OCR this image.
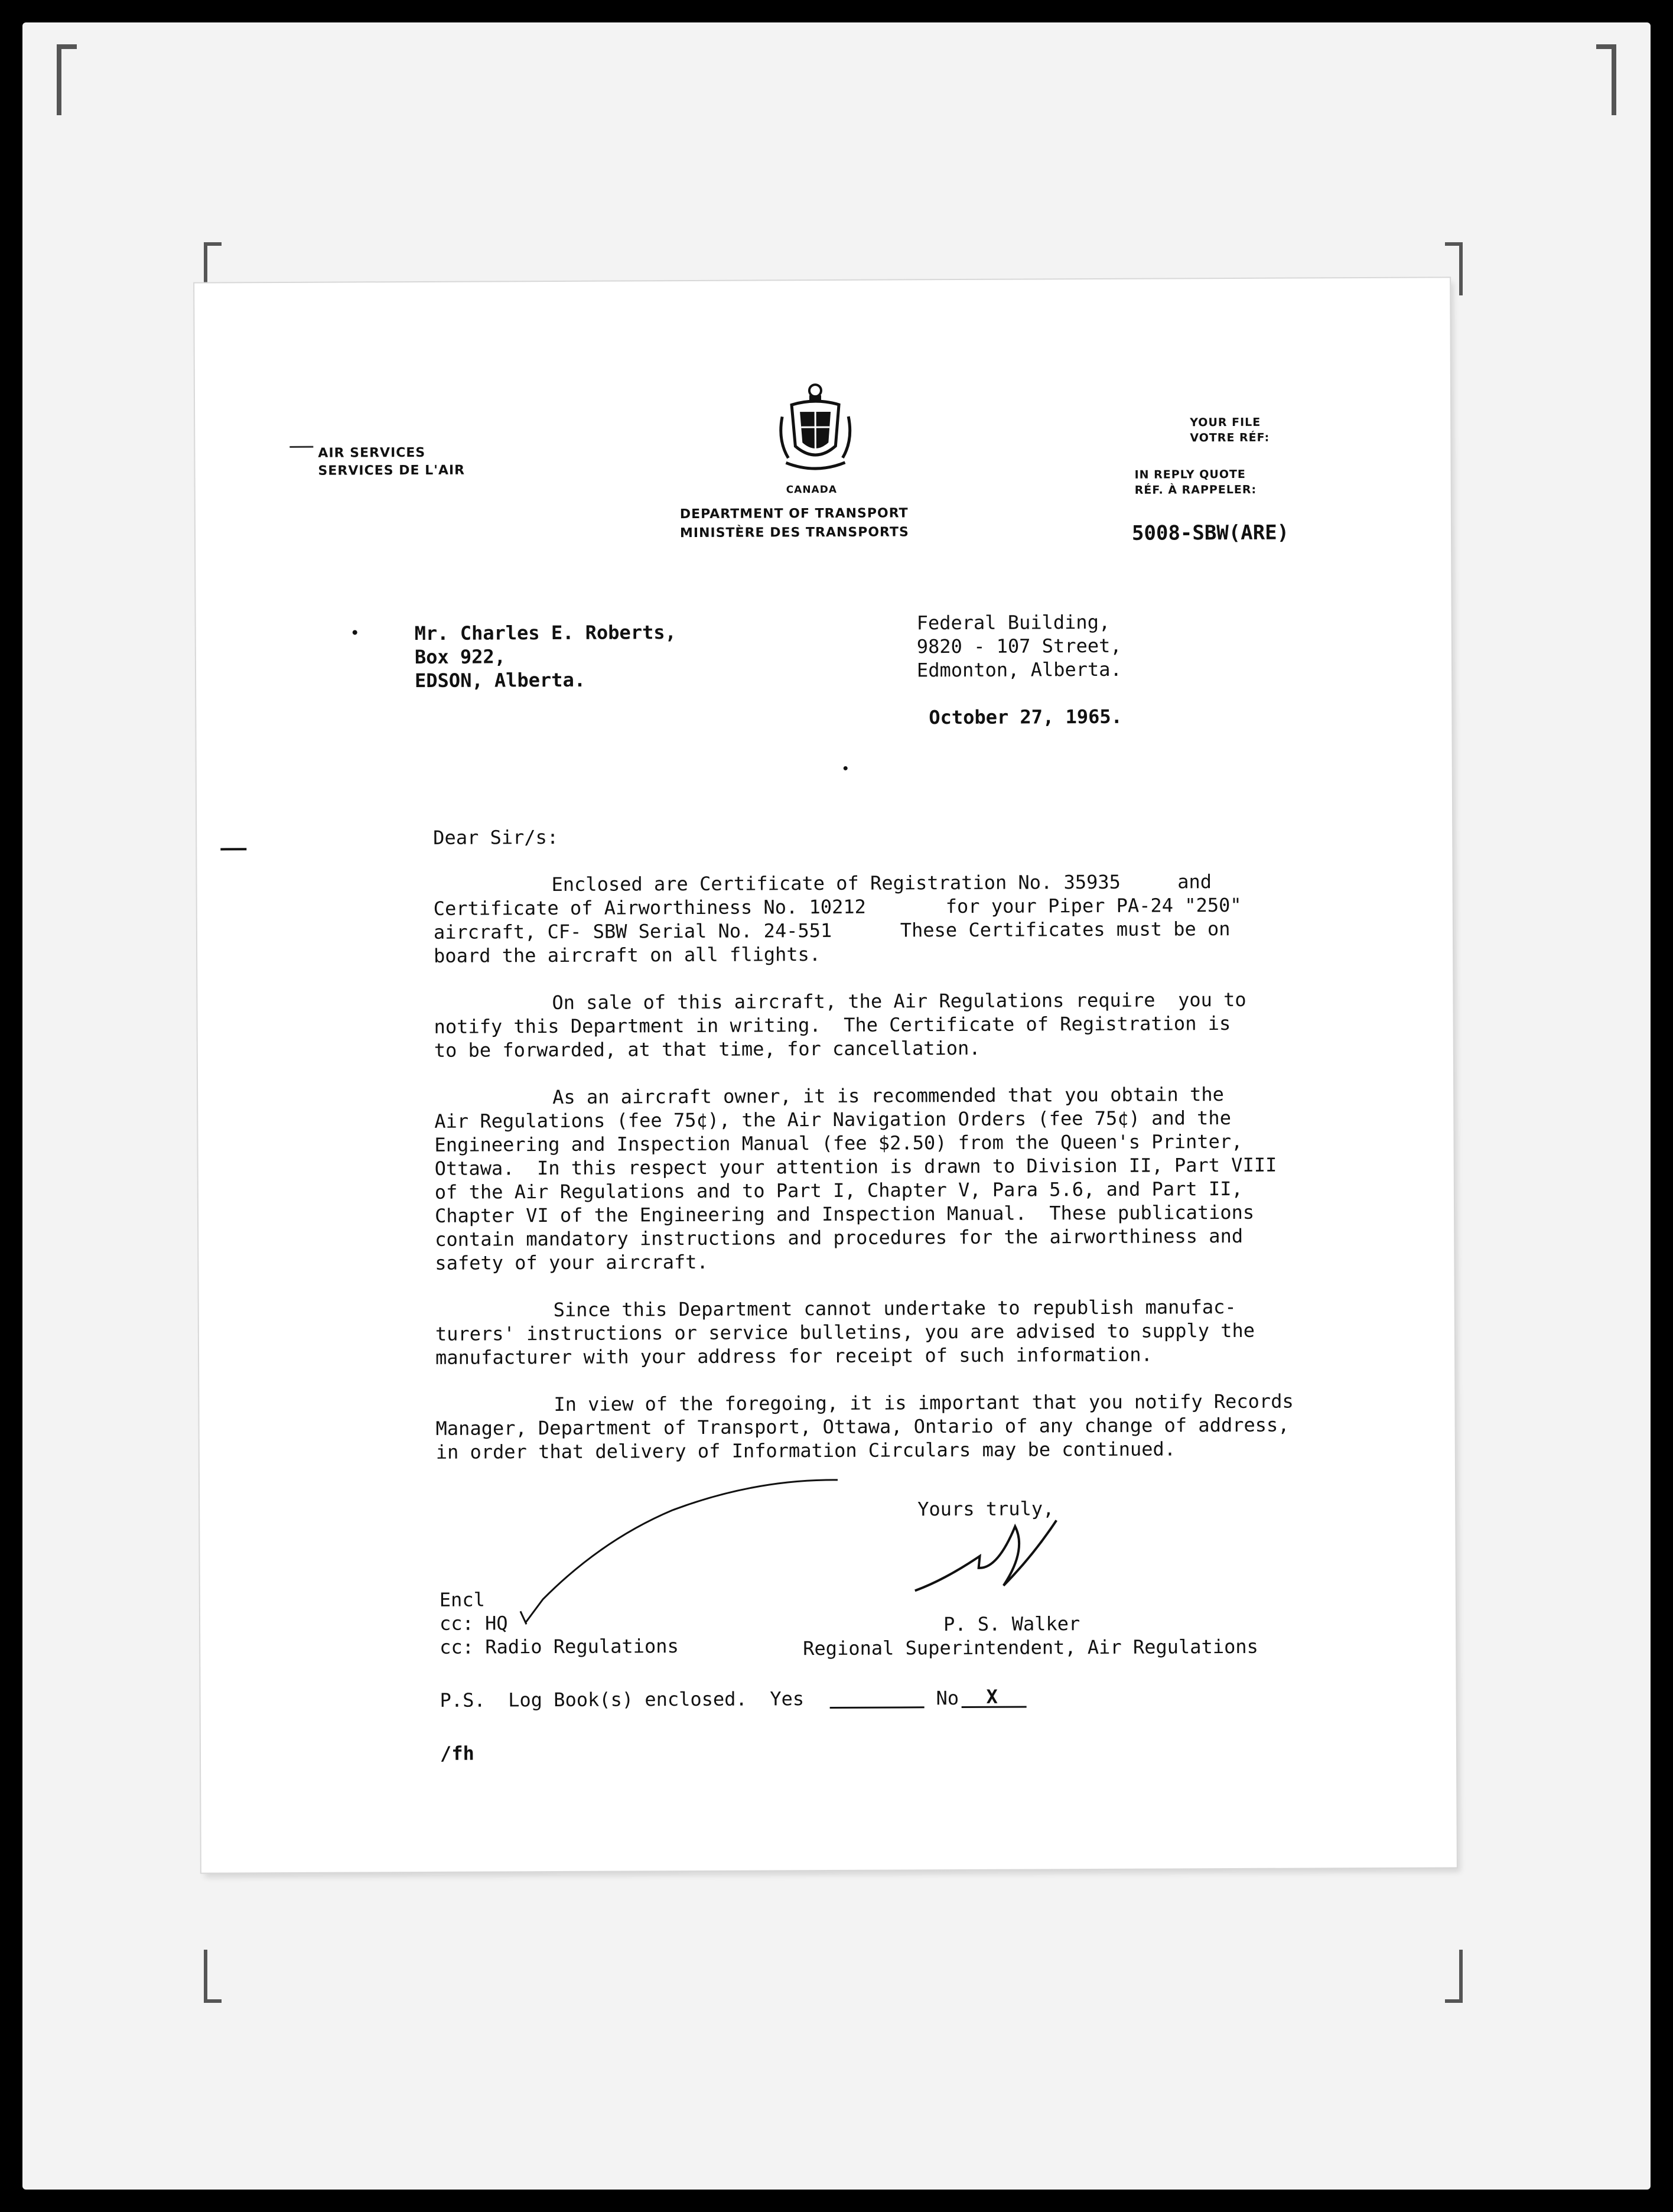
AIR SERVICES
SERVICES DE L'AIR
CANADA
DEPARTMENT OF TRANSPORT
MINISTÈRE DES TRANSPORTS
YOUR FILE
VOTRE RÉF:
IN REPLY QUOTE
RÉF. À RAPPELER:
5008-SBW(ARE)
Mr. Charles E. Roberts,
Box 922,
EDSON, Alberta.
Federal Building,
9820 - 107 Street,
Edmonton, Alberta.
October 27, 1965.
Dear Sir/s:
Enclosed are Certificate of Registration No. 35935     and
Certificate of Airworthiness No. 10212       for your Piper PA-24 "250"
aircraft, CF- SBW Serial No. 24-551      These Certificates must be on
board the aircraft on all flights.
On sale of this aircraft, the Air Regulations require  you to
notify this Department in writing.  The Certificate of Registration is
to be forwarded, at that time, for cancellation.
As an aircraft owner, it is recommended that you obtain the
Air Regulations (fee 75¢), the Air Navigation Orders (fee 75¢) and the
Engineering and Inspection Manual (fee $2.50) from the Queen's Printer,
Ottawa.  In this respect your attention is drawn to Division II, Part VIII
of the Air Regulations and to Part I, Chapter V, Para 5.6, and Part II,
Chapter VI of the Engineering and Inspection Manual.  These publications
contain mandatory instructions and procedures for the airworthiness and
safety of your aircraft.
Since this Department cannot undertake to republish manufac-
turers' instructions or service bulletins, you are advised to supply the
manufacturer with your address for receipt of such information.
In view of the foregoing, it is important that you notify Records
Manager, Department of Transport, Ottawa, Ontario of any change of address,
in order that delivery of Information Circulars may be continued.
Yours truly,
P. S. Walker
Regional Superintendent, Air Regulations
Encl
cc: HQ
cc: Radio Regulations
P.S.  Log Book(s) enclosed.  Yes	No X
/fh
